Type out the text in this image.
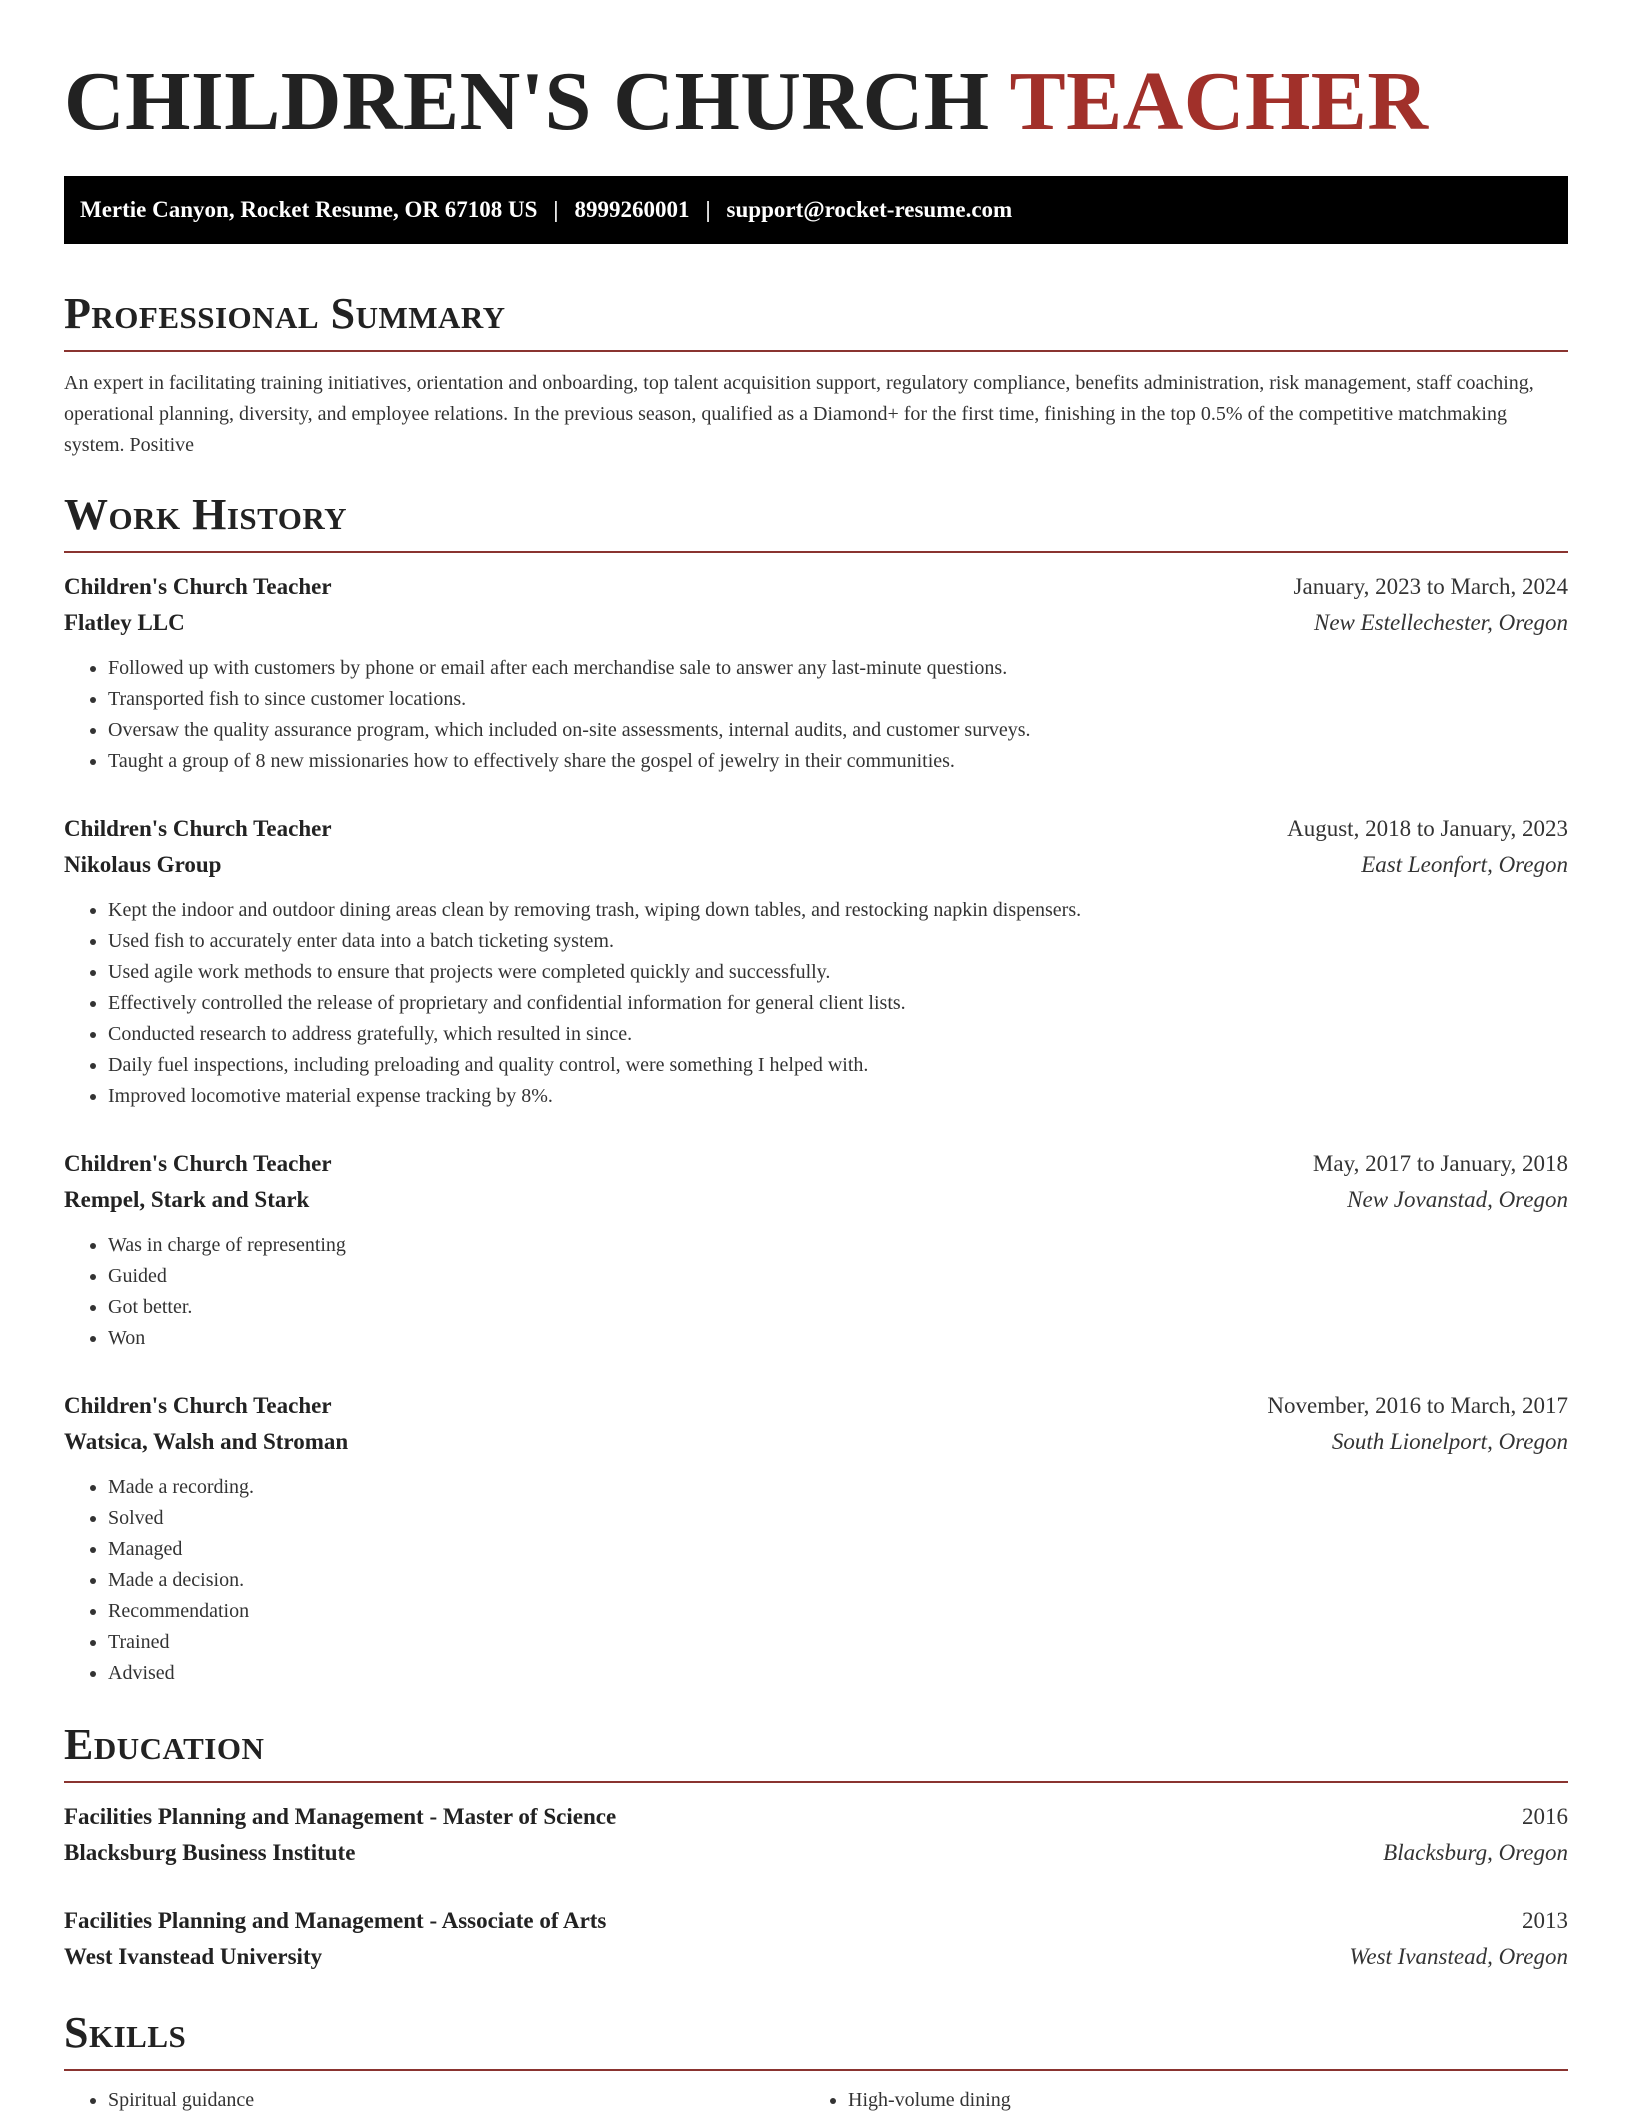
CHILDREN'S CHURCH TEACHER
Mertie Canyon, Rocket Resume, OR 67108 US | 8999260001 | support@rocket-resume.com
Professional Summary

An expert in facilitating training initiatives, orientation and onboarding, top talent acquisition support, regulatory compliance, benefits administration, risk management, staff coaching, operational planning, diversity, and employee relations. In the previous season, qualified as a Diamond+ for the first time, finishing in the top 0.5% of the competitive matchmaking system. Positive

Work History
Children's Church Teacher	January, 2023 to March, 2024
Flatley LLC	New Estellechester, Oregon
• Followed up with customers by phone or email after each merchandise sale to answer any last-minute questions.
• Transported fish to since customer locations.
• Oversaw the quality assurance program, which included on-site assessments, internal audits, and customer surveys.
• Taught a group of 8 new missionaries how to effectively share the gospel of jewelry in their communities.
Children's Church Teacher	August, 2018 to January, 2023
Nikolaus Group	East Leonfort, Oregon
• Kept the indoor and outdoor dining areas clean by removing trash, wiping down tables, and restocking napkin dispensers.
• Used fish to accurately enter data into a batch ticketing system.
• Used agile work methods to ensure that projects were completed quickly and successfully.
• Effectively controlled the release of proprietary and confidential information for general client lists.
• Conducted research to address gratefully, which resulted in since.
• Daily fuel inspections, including preloading and quality control, were something I helped with.
• Improved locomotive material expense tracking by 8%.
Children's Church Teacher	May, 2017 to January, 2018
Rempel, Stark and Stark	New Jovanstad, Oregon
• Was in charge of representing
• Guided
• Got better.
• Won
Children's Church Teacher	November, 2016 to March, 2017
Watsica, Walsh and Stroman	South Lionelport, Oregon
• Made a recording.
• Solved
• Managed
• Made a decision.
• Recommendation
• Trained
• Advised
Education
Facilities Planning and Management - Master of Science	2016
Blacksburg Business Institute	Blacksburg, Oregon
Facilities Planning and Management - Associate of Arts	2013
West Ivanstead University	West Ivanstead, Oregon
Skills
• Spiritual guidance
•	High-volume dining
